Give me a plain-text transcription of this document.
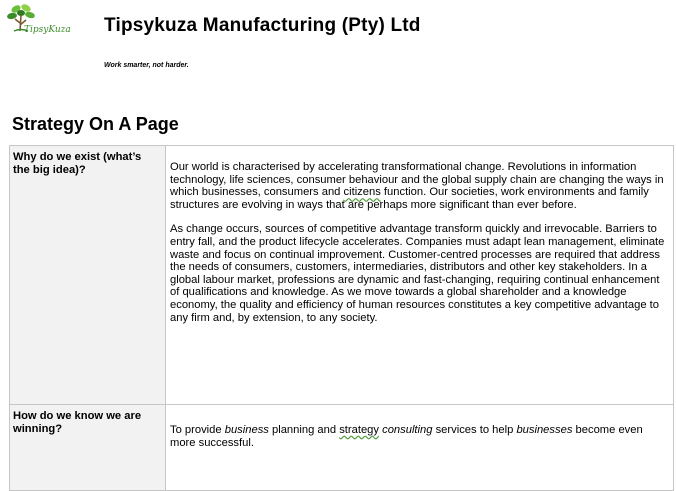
TipsyKuza Tipsykuza Manufacturing (Pty) Ltd
Work smarter, not harder.
Strategy On A Page
Why do we exist (what’s the big idea)?	Our world is characterised by accelerating transformational change. Revolutions in information technology, life sciences, consumer behaviour and the global supply chain are changing the ways in which businesses, consumers and citizens function. Our societies, work environments and family structures are evolving in ways that are perhaps more significant than ever before.

As change occurs, sources of competitive advantage transform quickly and irrevocable. Barriers to entry fall, and the product lifecycle accelerates. Companies must adapt lean management, eliminate waste and focus on continual improvement. Customer-centred processes are required that address the needs of consumers, customers, intermediaries, distributors and other key stakeholders. In a global labour market, professions are dynamic and fast-changing, requiring continual enhancement of qualifications and knowledge. As we move towards a global shareholder and a knowledge economy, the quality and efficiency of human resources constitutes a key competitive advantage to any firm and, by extension, to any society.

How do we know we are winning?	To provide business planning and strategy consulting services to help businesses become even more successful.
